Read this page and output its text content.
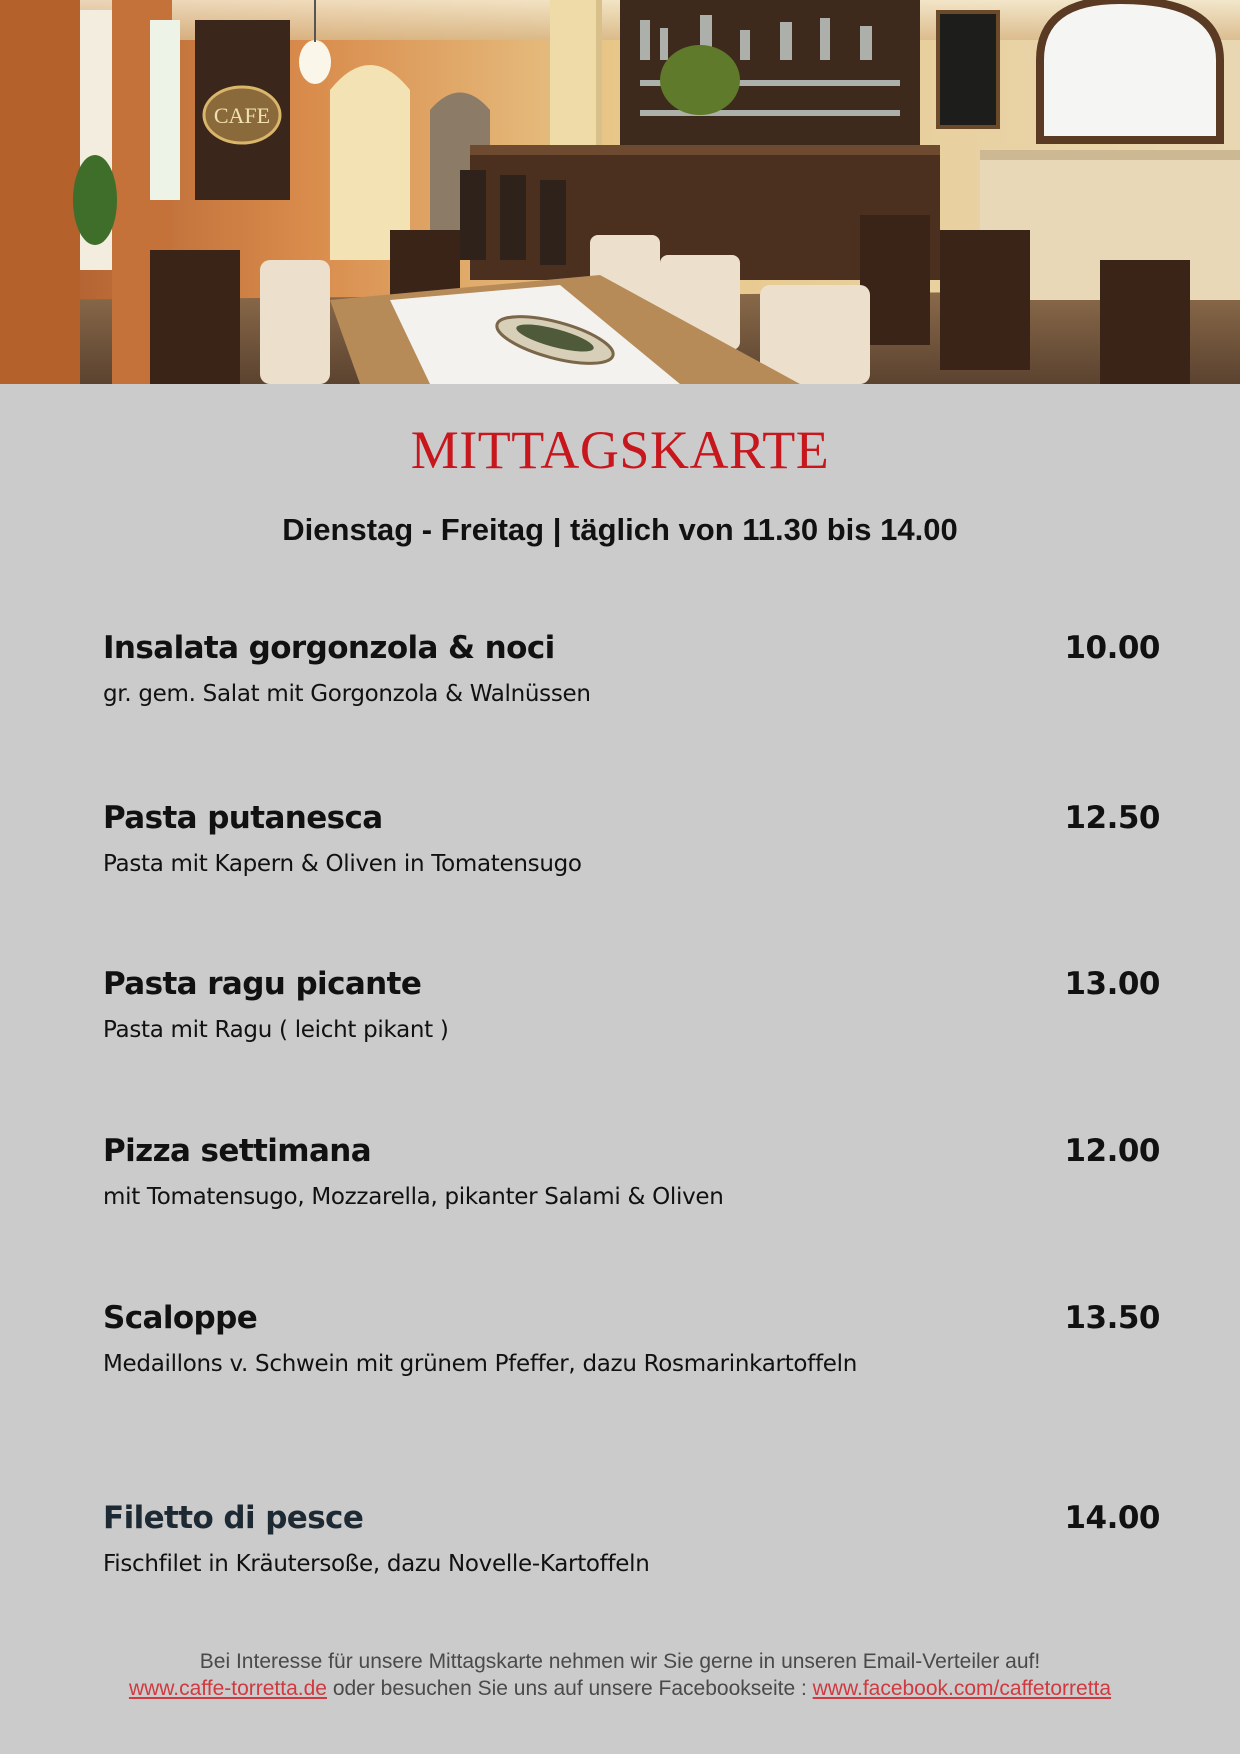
CAFE
MITTAGSKARTE
Dienstag - Freitag | täglich von 11.30 bis 14.00
Insalata gorgonzola & noci	10.00
gr. gem. Salat mit Gorgonzola & Walnüssen
Pasta putanesca	12.50
Pasta mit Kapern & Oliven in Tomatensugo
Pasta ragu picante	13.00
Pasta mit Ragu ( leicht pikant )
Pizza settimana	12.00
mit Tomatensugo, Mozzarella, pikanter Salami & Oliven
Scaloppe	13.50
Medaillons v. Schwein mit grünem Pfeffer, dazu Rosmarinkartoffeln
Filetto di pesce	14.00
Fischfilet in Kräutersoße, dazu Novelle-Kartoffeln
Bei Interesse für unsere Mittagskarte nehmen wir Sie gerne in unseren Email-Verteiler auf!
www.caffe-torretta.de oder besuchen Sie uns auf unsere Facebookseite : www.facebook.com/caffetorretta
